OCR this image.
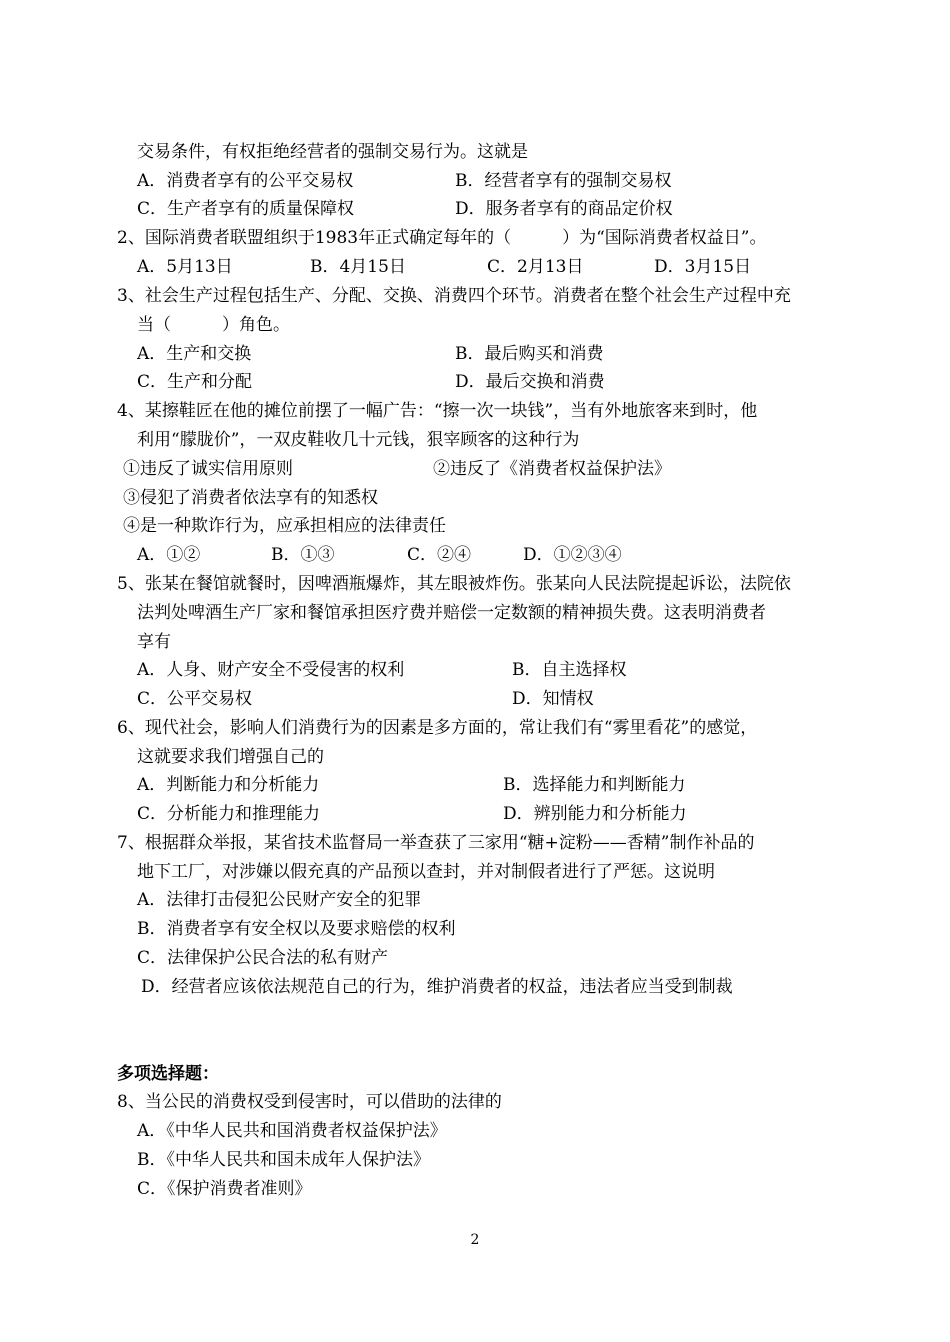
交易条件，有权拒绝经营者的强制交易行为。这就是
A．消费者享有的公平交易权	B．经营者享有的强制交易权
C．生产者享有的质量保障权	D．服务者享有的商品定价权
2、国际消费者联盟组织于1983年正式确定每年的（　　　）为“国际消费者权益日”。
A．5月13日	B．4月15日	C．2月13日	D．3月15日
3、社会生产过程包括生产、分配、交换、消费四个环节。消费者在整个社会生产过程中充
当（　　　）角色。
A．生产和交换	B．最后购买和消费
C．生产和分配	D．最后交换和消费
4、某擦鞋匠在他的摊位前摆了一幅广告：“擦一次一块钱”，当有外地旅客来到时，他
利用“朦胧价”，一双皮鞋收几十元钱，狠宰顾客的这种行为
①违反了诚实信用原则	②违反了《消费者权益保护法》
③侵犯了消费者依法享有的知悉权
④是一种欺诈行为，应承担相应的法律责任
A．①②	B．①③	C．②④	D．①②③④
5、张某在餐馆就餐时，因啤酒瓶爆炸，其左眼被炸伤。张某向人民法院提起诉讼，法院依
法判处啤酒生产厂家和餐馆承担医疗费并赔偿一定数额的精神损失费。这表明消费者
享有
A．人身、财产安全不受侵害的权利	B．自主选择权
C．公平交易权	D．知情权
6、现代社会，影响人们消费行为的因素是多方面的，常让我们有“雾里看花”的感觉，
这就要求我们增强自己的
A．判断能力和分析能力	B．选择能力和判断能力
C．分析能力和推理能力	D．辨别能力和分析能力
7、根据群众举报，某省技术监督局一举查获了三家用“糖+淀粉——香精”制作补品的
地下工厂，对涉嫌以假充真的产品预以查封，并对制假者进行了严惩。这说明
A．法律打击侵犯公民财产安全的犯罪
B．消费者享有安全权以及要求赔偿的权利
C．法律保护公民合法的私有财产
D．经营者应该依法规范自己的行为，维护消费者的权益，违法者应当受到制裁
多项选择题：
8、当公民的消费权受到侵害时，可以借助的法律的
A．《中华人民共和国消费者权益保护法》
B．《中华人民共和国未成年人保护法》
C．《保护消费者准则》
2
